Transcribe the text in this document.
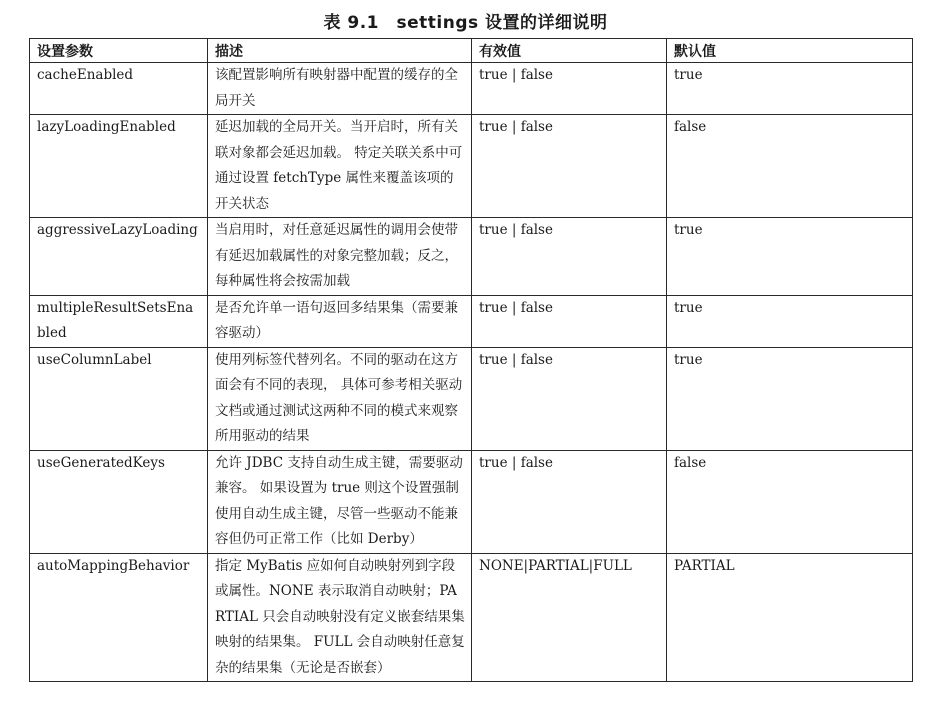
表 9.1　settings 设置的详细说明
设置参数	描述	有效值	默认值
cacheEnabled	该配置影响所有映射器中配置的缓存的全局开关	true | false	true
lazyLoadingEnabled	延迟加载的全局开关。当开启时，所有关联对象都会延迟加载。 特定关联关系中可通过设置 fetchType 属性来覆盖该项的开关状态	true | false	false
aggressiveLazyLoading	当启用时，对任意延迟属性的调用会使带有延迟加载属性的对象完整加载；反之，每种属性将会按需加载	true | false	true
multipleResultSetsEnabled	是否允许单一语句返回多结果集（需要兼容驱动）	true | false	true
useColumnLabel	使用列标签代替列名。不同的驱动在这方面会有不同的表现， 具体可参考相关驱动文档或通过测试这两种不同的模式来观察所用驱动的结果	true | false	true
useGeneratedKeys	允许 JDBC 支持自动生成主键，需要驱动兼容。 如果设置为 true 则这个设置强制使用自动生成主键，尽管一些驱动不能兼容但仍可正常工作（比如 Derby）	true | false	false
autoMappingBehavior	指定 MyBatis 应如何自动映射列到字段或属性。NONE 表示取消自动映射；PARTIAL 只会自动映射没有定义嵌套结果集映射的结果集。 FULL 会自动映射任意复杂的结果集（无论是否嵌套）	NONE|PARTIAL|FULL	PARTIAL
